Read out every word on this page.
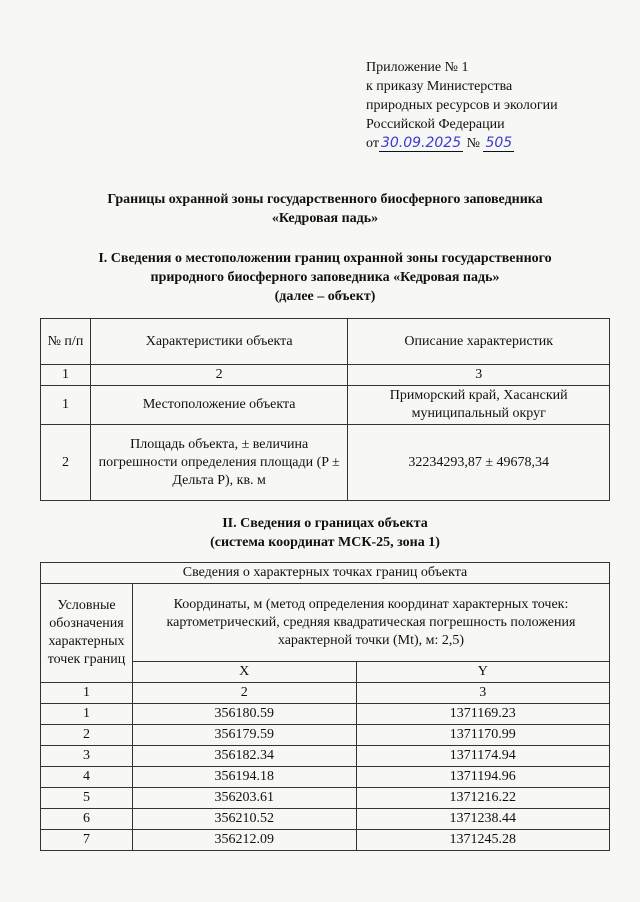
Приложение № 1
к приказу Министерства
природных ресурсов и экологии
Российской Федерации
от 30.09.2025 № 505
Границы охранной зоны государственного биосферного заповедника
«Кедровая падь»
I. Сведения о местоположении границ охранной зоны государственного
природного биосферного заповедника «Кедровая падь»
(далее – объект)
№ п/п	Характеристики объекта	Описание характеристик
1	2	3
1	Местоположение объекта	Приморский край, Хасанский муниципальный округ
2	Площадь объекта, ± величина погрешности определения площади (P ± Дельта P), кв. м	32234293,87 ± 49678,34
II. Сведения о границах объекта
(система координат МСК-25, зона 1)
Сведения о характерных точках границ объекта		
Условные обозначения характерных точек границ	Координаты, м (метод определения координат характерных точек: картометрический, средняя квадратическая погрешность положения характерной точки (Mt), м: 2,5)	
	X	Y
1	2	3
1	356180.59	1371169.23
2	356179.59	1371170.99
3	356182.34	1371174.94
4	356194.18	1371194.96
5	356203.61	1371216.22
6	356210.52	1371238.44
7	356212.09	1371245.28
